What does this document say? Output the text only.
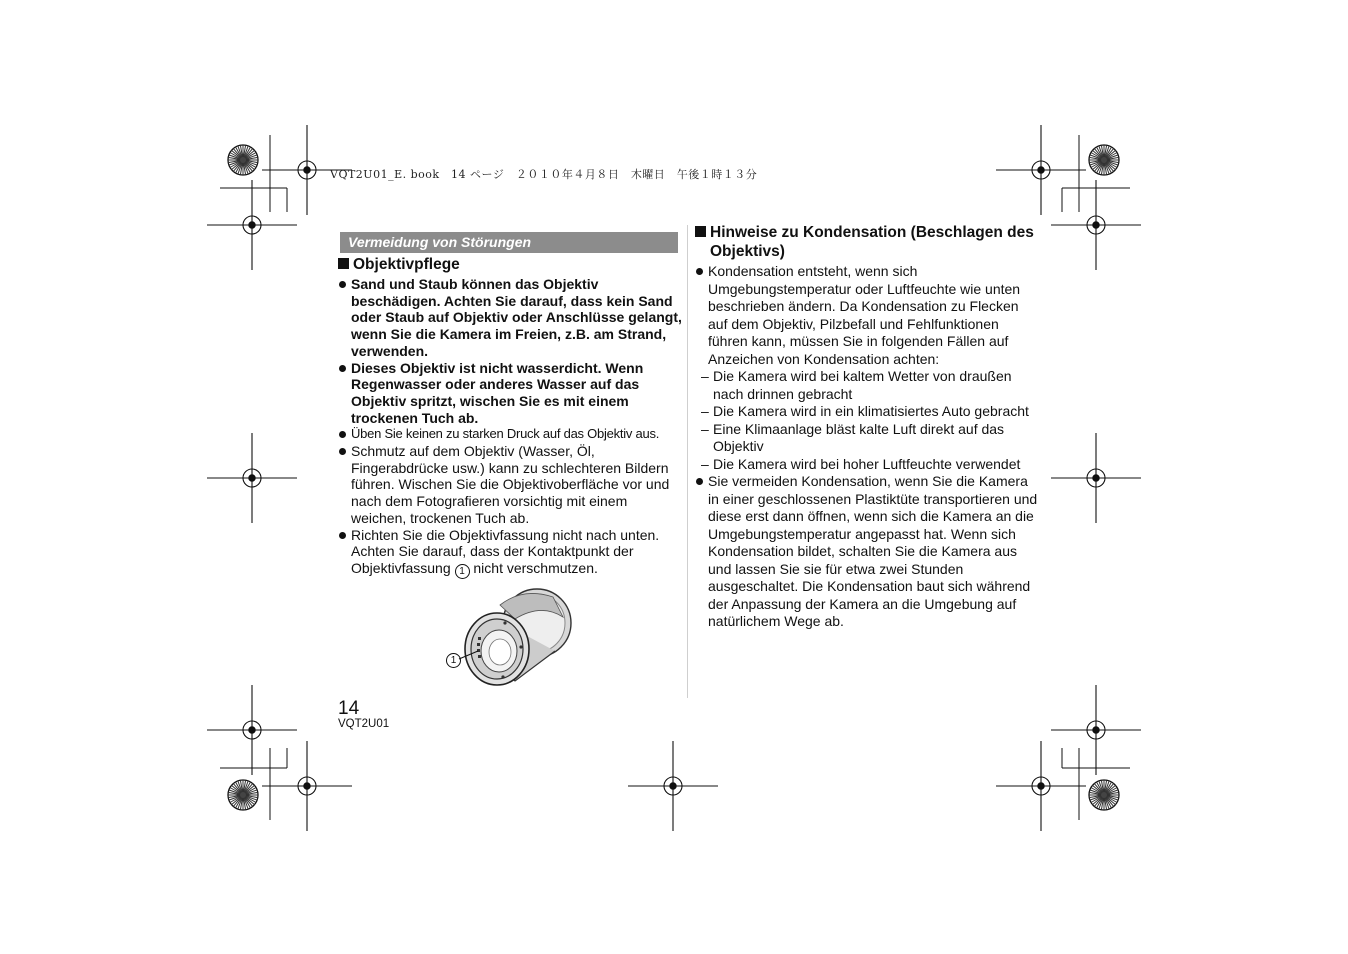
VQT2U01_E. book　14 ページ　２０１０年４月８日　木曜日　午後１時１３分
Vermeidung von Störungen
Objektivpflege
Sand und Staub können das Objektiv beschädigen. Achten Sie darauf, dass kein Sand oder Staub auf Objektiv oder Anschlüsse gelangt, wenn Sie die Kamera im Freien, z.B. am Strand, verwenden.
Dieses Objektiv ist nicht wasserdicht. Wenn Regenwasser oder anderes Wasser auf das Objektiv spritzt, wischen Sie es mit einem trockenen Tuch ab.
Üben Sie keinen zu starken Druck auf das Objektiv aus.
Schmutz auf dem Objektiv (Wasser, Öl, Fingerabdrücke usw.) kann zu schlechteren Bildern führen. Wischen Sie die Objektivoberfläche vor und nach dem Fotografieren vorsichtig mit einem weichen, trockenen Tuch ab.
Richten Sie die Objektivfassung nicht nach unten. Achten Sie darauf, dass der Kontaktpunkt der Objektivfassung 1 nicht verschmutzen.
1
Hinweise zu Kondensation (Beschlagen des Objektivs)
Kondensation entsteht, wenn sich Umgebungstemperatur oder Luftfeuchte wie unten beschrieben ändern. Da Kondensation zu Flecken auf dem Objektiv, Pilzbefall und Fehlfunktionen führen kann, müssen Sie in folgenden Fällen auf Anzeichen von Kondensation achten:
– Die Kamera wird bei kaltem Wetter von draußen nach drinnen gebracht
– Die Kamera wird in ein klimatisiertes Auto gebracht
– Eine Klimaanlage bläst kalte Luft direkt auf das Objektiv
– Die Kamera wird bei hoher Luftfeuchte verwendet
Sie vermeiden Kondensation, wenn Sie die Kamera in einer geschlossenen Plastiktüte transportieren und diese erst dann öffnen, wenn sich die Kamera an die Umgebungstemperatur angepasst hat. Wenn sich Kondensation bildet, schalten Sie die Kamera aus und lassen Sie sie für etwa zwei Stunden ausgeschaltet. Die Kondensation baut sich während der Anpassung der Kamera an die Umgebung auf natürlichem Wege ab.
14
VQT2U01
